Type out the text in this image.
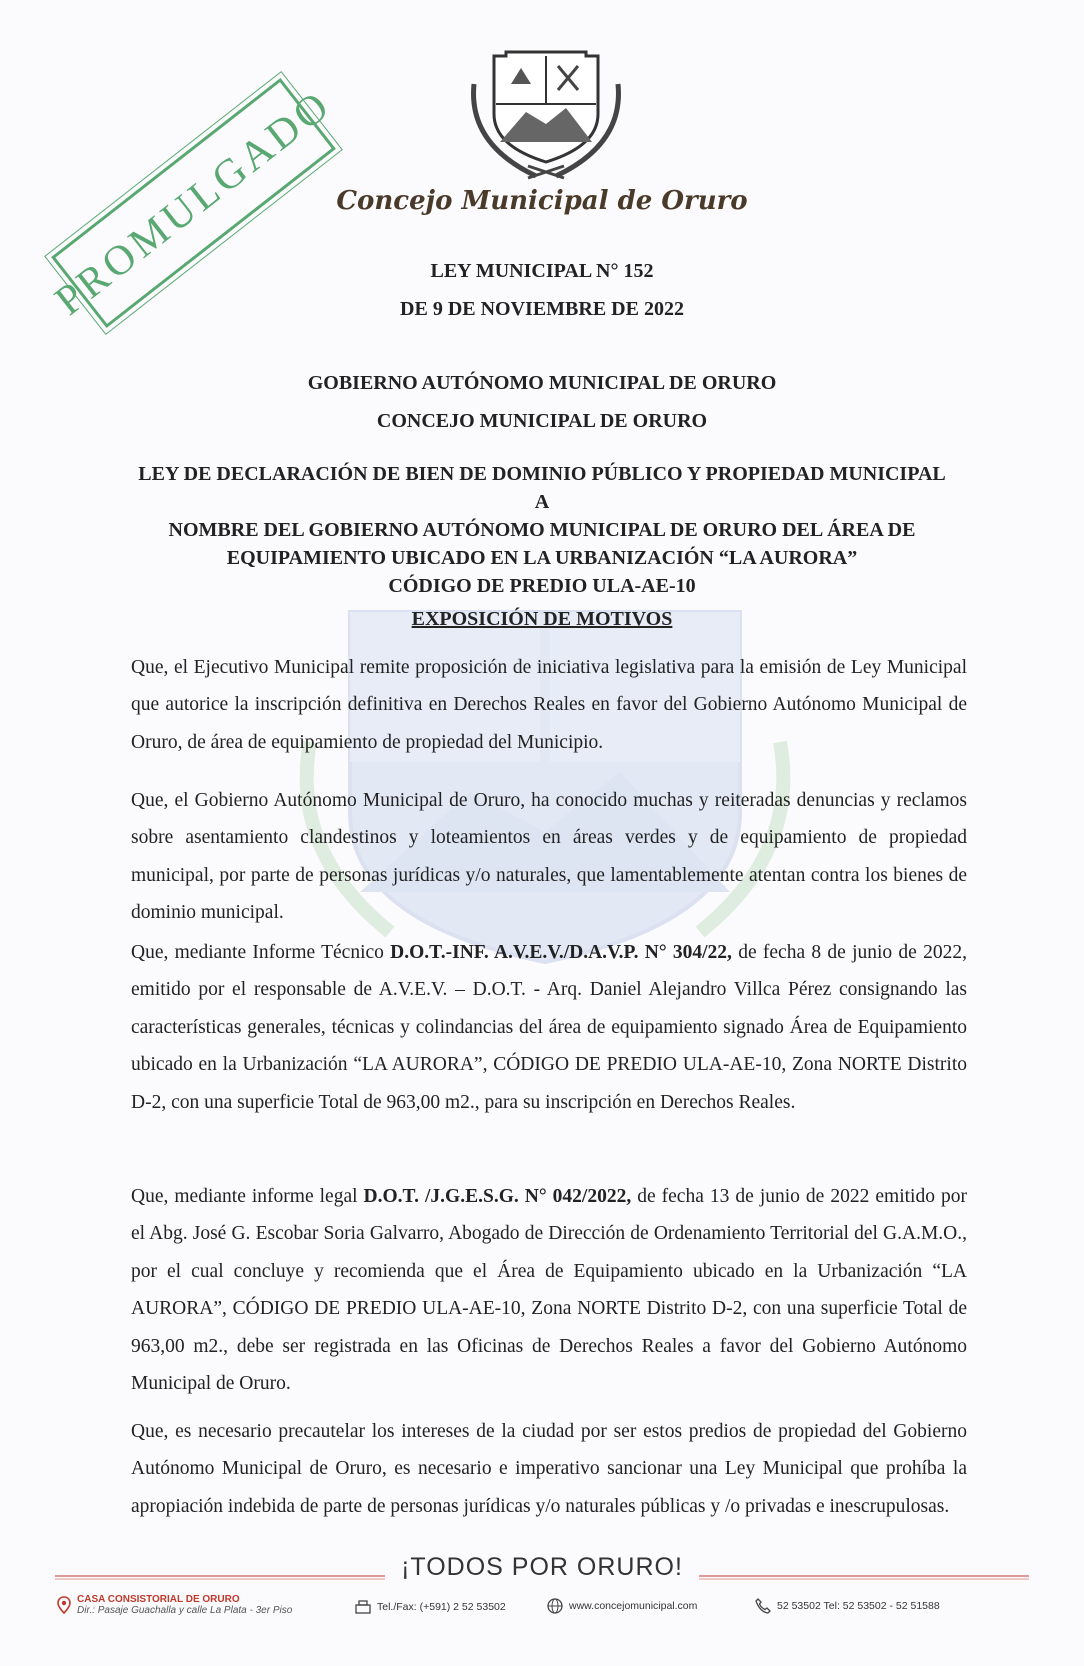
PROMULGADO
Concejo Municipal de Oruro
LEY MUNICIPAL N° 152
DE 9 DE NOVIEMBRE DE 2022
GOBIERNO AUTÓNOMO MUNICIPAL DE ORURO
CONCEJO MUNICIPAL DE ORURO
LEY DE DECLARACIÓN DE BIEN DE DOMINIO PÚBLICO Y PROPIEDAD MUNICIPAL A
NOMBRE DEL GOBIERNO AUTÓNOMO MUNICIPAL DE ORURO DEL ÁREA DE
EQUIPAMIENTO UBICADO EN LA URBANIZACIÓN “LA AURORA”
CÓDIGO DE PREDIO ULA-AE-10
EXPOSICIÓN DE MOTIVOS

Que, el Ejecutivo Municipal remite proposición de iniciativa legislativa para la emisión de Ley Municipal que autorice la inscripción definitiva en Derechos Reales en favor del Gobierno Autónomo Municipal de Oruro, de área de equipamiento de propiedad del Municipio.

Que, el Gobierno Autónomo Municipal de Oruro, ha conocido muchas y reiteradas denuncias y reclamos sobre asentamiento clandestinos y loteamientos en áreas verdes y de equipamiento de propiedad municipal, por parte de personas jurídicas y/o naturales, que lamentablemente atentan contra los bienes de dominio municipal.

Que, mediante Informe Técnico D.O.T.-INF. A.V.E.V./D.A.V.P. N° 304/22, de fecha 8 de junio de 2022, emitido por el responsable de A.V.E.V. – D.O.T. - Arq. Daniel Alejandro Villca Pérez consignando las características generales, técnicas y colindancias del área de equipamiento signado Área de Equipamiento ubicado en la Urbanización “LA AURORA”, CÓDIGO DE PREDIO ULA-AE-10, Zona NORTE Distrito D-2, con una superficie Total de 963,00 m2., para su inscripción en Derechos Reales.

Que, mediante informe legal D.O.T. /J.G.E.S.G. N° 042/2022, de fecha 13 de junio de 2022 emitido por el Abg. José G. Escobar Soria Galvarro, Abogado de Dirección de Ordenamiento Territorial del G.A.M.O., por el cual concluye y recomienda que el Área de Equipamiento ubicado en la Urbanización “LA AURORA”, CÓDIGO DE PREDIO ULA-AE-10, Zona NORTE Distrito D-2, con una superficie Total de 963,00 m2., debe ser registrada en las Oficinas de Derechos Reales a favor del Gobierno Autónomo Municipal de Oruro.

Que, es necesario precautelar los intereses de la ciudad por ser estos predios de propiedad del Gobierno Autónomo Municipal de Oruro, es necesario e imperativo sancionar una Ley Municipal que prohíba la apropiación indebida de parte de personas jurídicas y/o naturales públicas y /o privadas e inescrupulosas.

¡TODOS POR ORURO!
CASA CONSISTORIAL DE ORURO
Dir.: Pasaje Guachalla y calle La Plata - 3er Piso	Tel./Fax: (+591) 2 52 53502	www.concejomunicipal.com	52 53502 Tel: 52 53502 - 52 51588
